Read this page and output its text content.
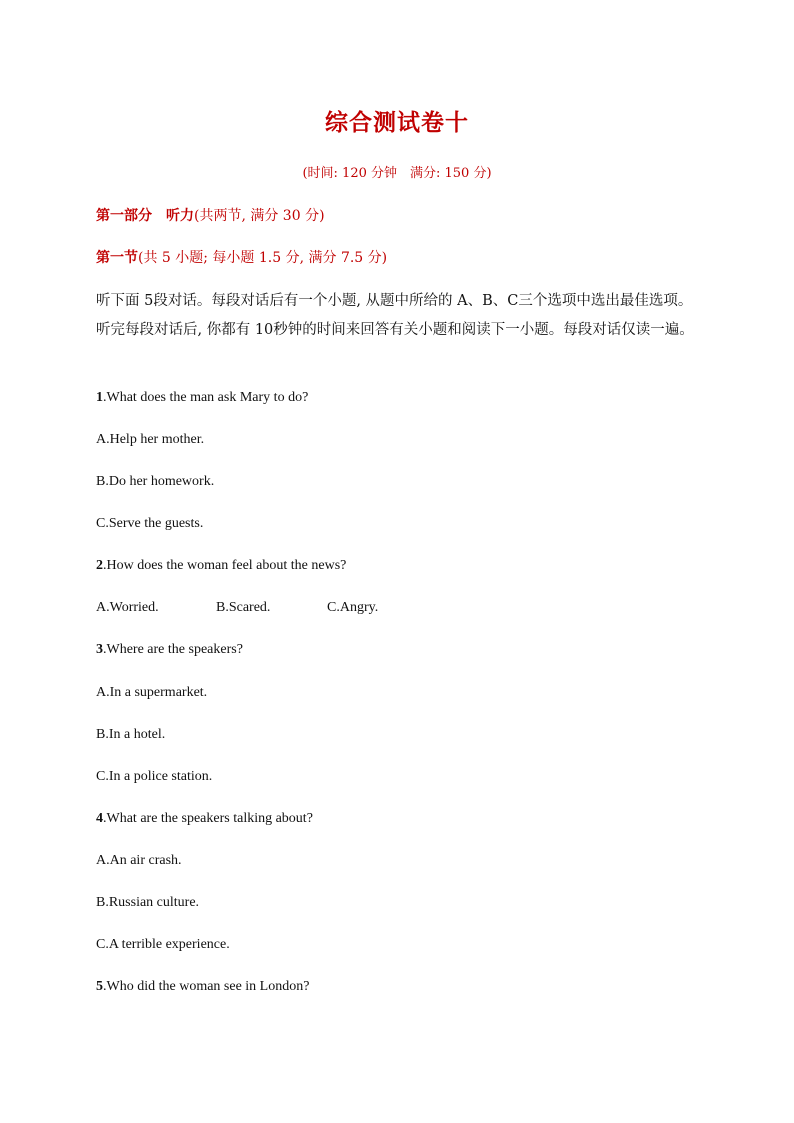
综合测试卷十
(时间: 120 分钟　满分: 150 分)
第一部分　听力(共两节, 满分 30 分)
第一节(共 5 小题; 每小题 1.5 分, 满分 7.5 分)
听下面 5段对话。每段对话后有一个小题, 从题中所给的 A、B、C三个选项中选出最佳选项。听完每段对话后, 你都有 10秒钟的时间来回答有关小题和阅读下一小题。每段对话仅读一遍。
1.What does the man ask Mary to do?
A.Help her mother.
B.Do her homework.
C.Serve the guests.
2.How does the woman feel about the news?
A.Worried.	B.Scared.	C.Angry.
3.Where are the speakers?
A.In a supermarket.
B.In a hotel.
C.In a police station.
4.What are the speakers talking about?
A.An air crash.
B.Russian culture.
C.A terrible experience.
5.Who did the woman see in London?
